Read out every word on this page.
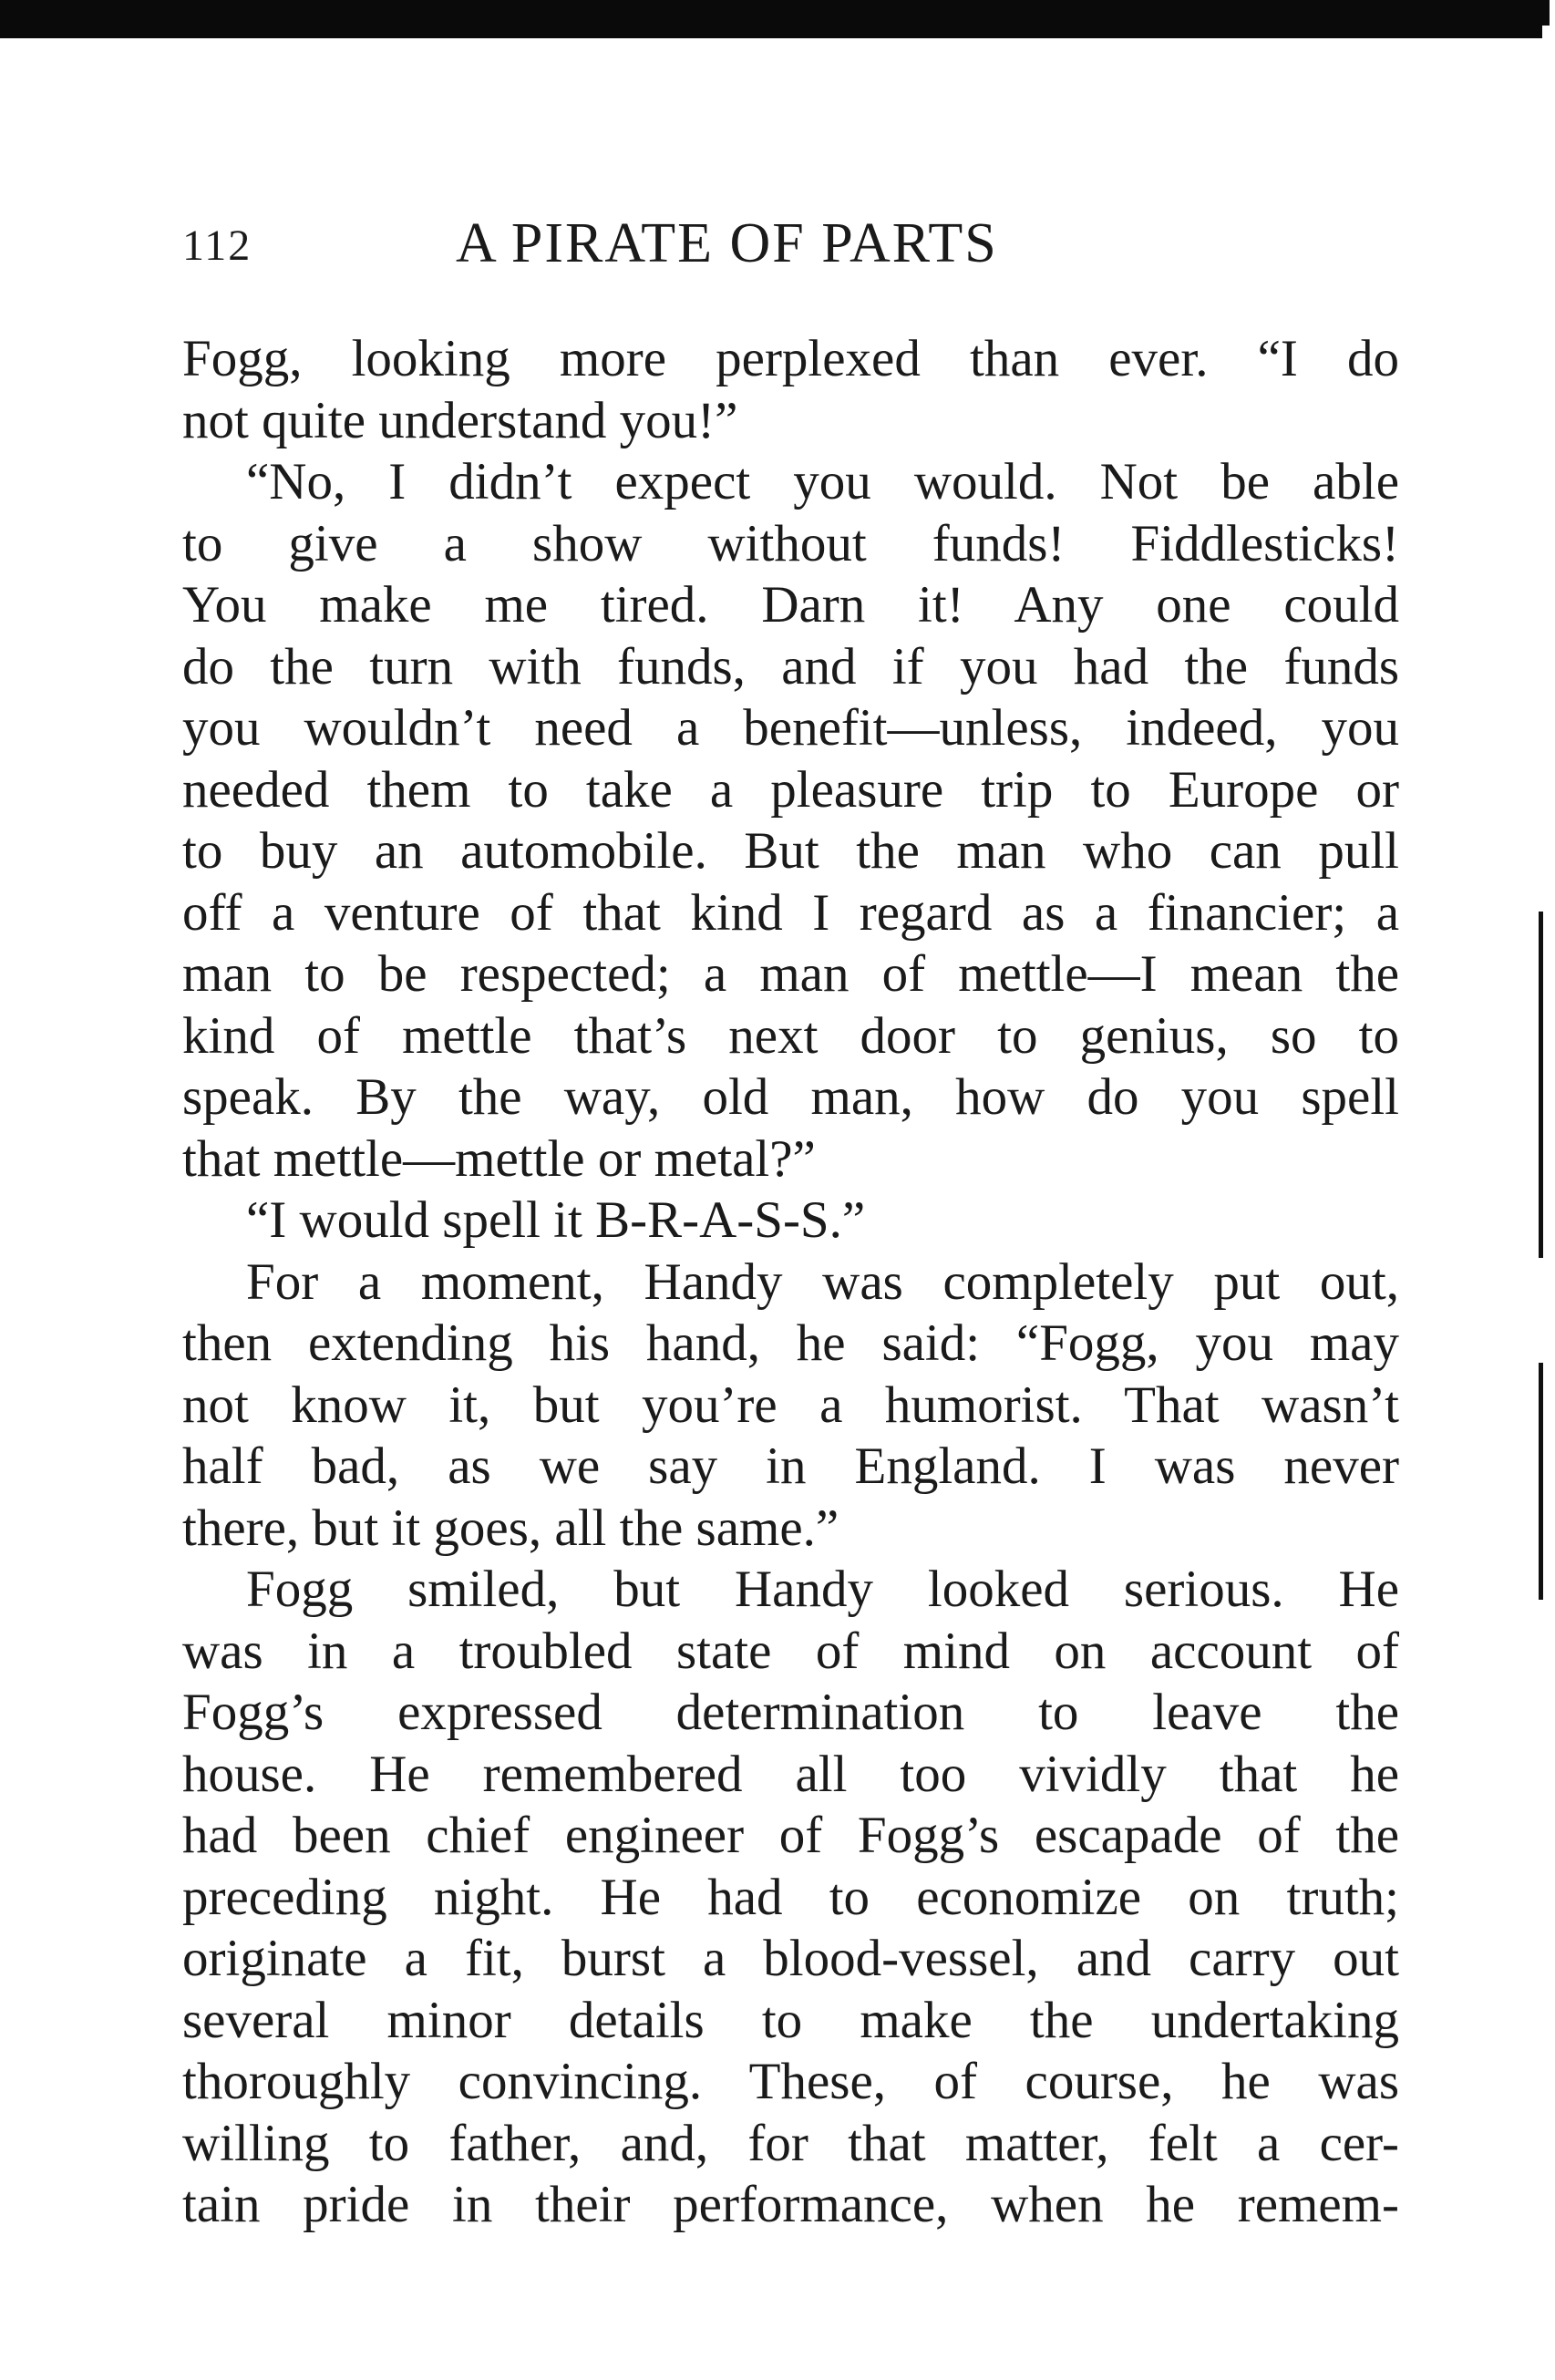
112	A PIRATE OF PARTS
Fogg, looking more perplexed than ever. “I do
not quite understand you!”
“No, I didn’t expect you would. Not be able
to give a show without funds! Fiddlesticks!
You make me tired. Darn it! Any one could
do the turn with funds, and if you had the funds
you wouldn’t need a benefit—unless, indeed, you
needed them to take a pleasure trip to Europe or
to buy an automobile. But the man who can pull
off a venture of that kind I regard as a financier; a
man to be respected; a man of mettle—I mean the
kind of mettle that’s next door to genius, so to
speak. By the way, old man, how do you spell
that mettle—mettle or metal?”
“I would spell it B-R-A-S-S.”
For a moment, Handy was completely put out,
then extending his hand, he said: “Fogg, you may
not know it, but you’re a humorist. That wasn’t
half bad, as we say in England. I was never
there, but it goes, all the same.”
Fogg smiled, but Handy looked serious. He
was in a troubled state of mind on account of
Fogg’s expressed determination to leave the
house. He remembered all too vividly that he
had been chief engineer of Fogg’s escapade of the
preceding night. He had to economize on truth;
originate a fit, burst a blood-vessel, and carry out
several minor details to make the undertaking
thoroughly convincing. These, of course, he was
willing to father, and, for that matter, felt a cer-
tain pride in their performance, when he remem-
